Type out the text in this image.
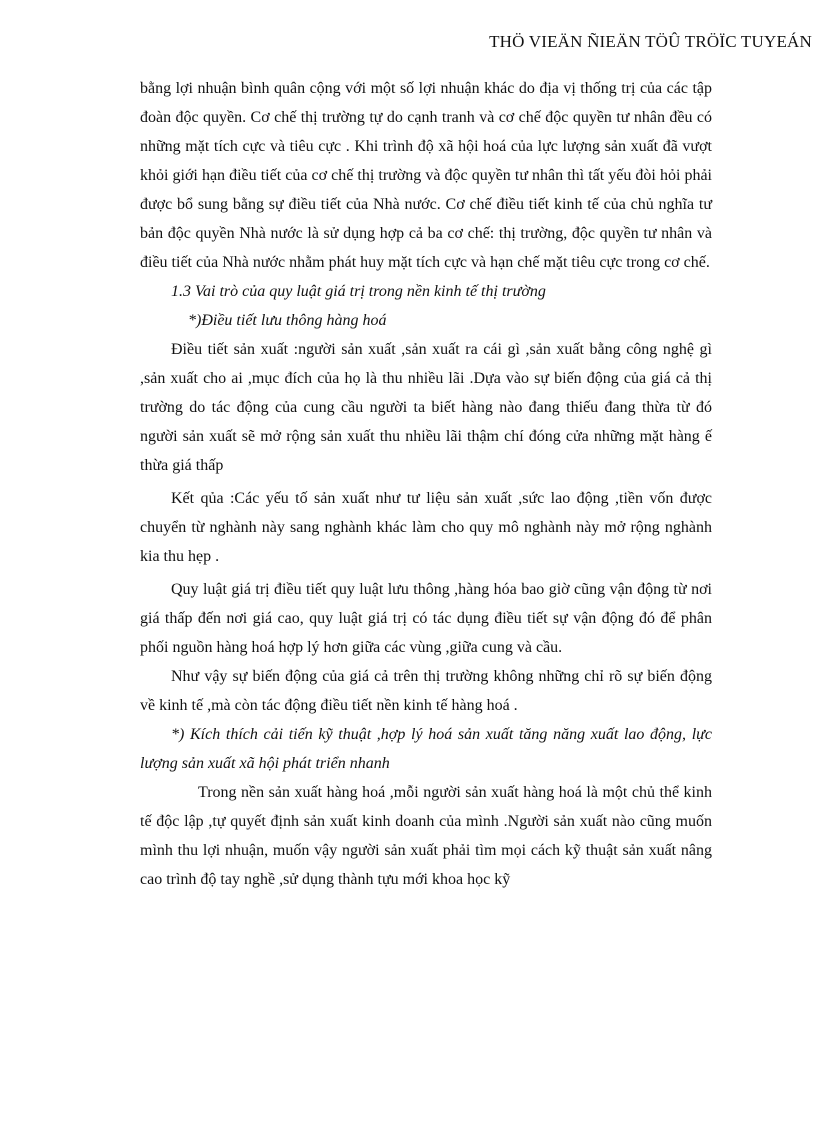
THÖ VIEÄN ÑIEÄN TÖÛ TRÖÏC TUYEÁN

bằng lợi nhuận bình quân cộng với một số lợi nhuận khác do địa vị thống trị của các tập đoàn độc quyền. Cơ chế thị trường tự do cạnh tranh và cơ chế độc quyền tư nhân đều có những mặt tích cực và tiêu cực . Khi trình độ xã hội hoá của lực lượng sản xuất đã vượt khỏi giới hạn điều tiết của cơ chế thị trường và độc quyền tư nhân thì tất yếu đòi hỏi phải được bổ sung bằng sự điều tiết của Nhà nước. Cơ chế điều tiết kinh tế của chủ nghĩa tư bản độc quyền Nhà nước là sử dụng hợp cả ba cơ chế: thị trường, độc quyền tư nhân và điều tiết của Nhà nước nhằm phát huy mặt tích cực và hạn chế mặt tiêu cực trong cơ chế.

1.3 Vai trò của quy luật giá trị trong nền kinh tế thị trường

*)Điều tiết lưu thông hàng hoá

Điều tiết sản xuất :người sản xuất ,sản xuất ra cái gì ,sản xuất bằng công nghệ gì ,sản xuất cho ai ,mục đích của họ là thu nhiều lãi .Dựa vào sự biến động của giá cả thị trường do tác động của cung cầu người ta biết hàng nào đang thiếu đang thừa từ đó người sản xuất sẽ mở rộng sản xuất thu nhiều lãi thậm chí đóng cửa những mặt hàng ế thừa giá thấp

Kết qủa :Các yếu tố sản xuất như tư liệu sản xuất ,sức lao động ,tiền vốn được chuyển từ nghành này sang nghành khác làm cho quy mô nghành này mở rộng nghành kia thu hẹp .

Quy luật giá trị điều tiết quy luật lưu thông ,hàng hóa bao giờ cũng vận động từ nơi giá thấp đến nơi giá cao, quy luật giá trị có tác dụng điều tiết sự vận động đó để phân phối nguồn hàng hoá hợp lý hơn giữa các vùng ,giữa cung và cầu.

Như vậy sự biến động của giá cả trên thị trường không những chỉ rõ sự biến động về kinh tế ,mà còn tác động điều tiết nền kinh tế hàng hoá .

*) Kích thích cải tiến kỹ thuật ,hợp lý hoá sản xuất tăng năng xuất lao động, lực lượng sản xuất xã hội phát triển nhanh

Trong nền sản xuất hàng hoá ,mỗi người sản xuất hàng hoá là một chủ thể kinh tế độc lập ,tự quyết định sản xuất kinh doanh của mình .Người sản xuất nào cũng muốn mình thu lợi nhuận, muốn vậy người sản xuất phải tìm mọi cách kỹ thuật sản xuất nâng cao trình độ tay nghề ,sử dụng thành tựu mới khoa học kỹ
